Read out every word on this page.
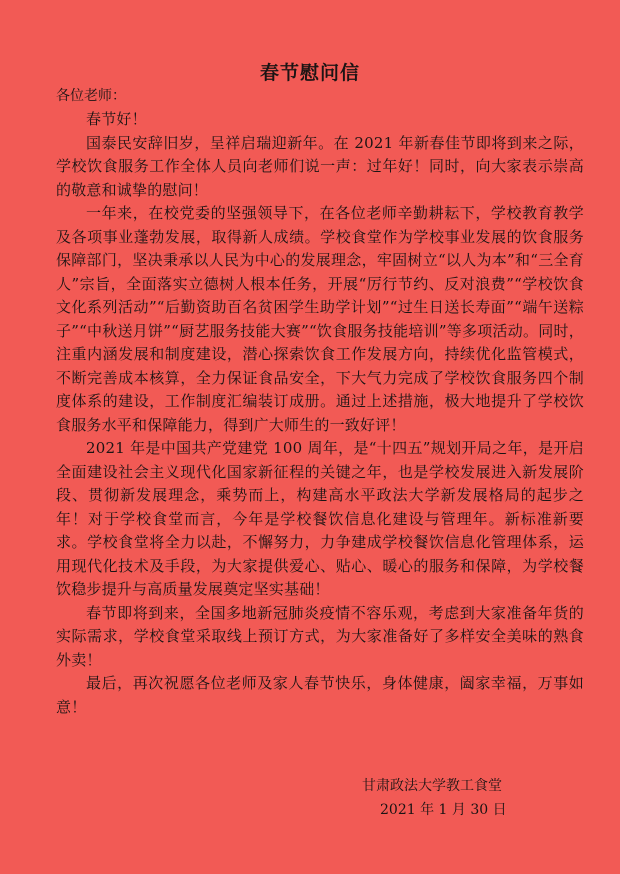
春节慰问信
各位老师：

春节好！

国泰民安辞旧岁，呈祥启瑞迎新年。在 2021 年新春佳节即将到来之际，学校饮食服务工作全体人员向老师们说一声：过年好！同时，向大家表示崇高的敬意和诚挚的慰问！

一年来，在校党委的坚强领导下，在各位老师辛勤耕耘下，学校教育教学及各项事业蓬勃发展，取得新人成绩。学校食堂作为学校事业发展的饮食服务保障部门，坚决秉承以人民为中心的发展理念，牢固树立“以人为本”和“三全育人”宗旨，全面落实立德树人根本任务，开展“厉行节约、反对浪费”“学校饮食文化系列活动”“后勤资助百名贫困学生助学计划”“过生日送长寿面”“端午送粽子”“中秋送月饼”“厨艺服务技能大赛”“饮食服务技能培训”等多项活动。同时，注重内涵发展和制度建设，潜心探索饮食工作发展方向，持续优化监管模式，不断完善成本核算，全力保证食品安全，下大气力完成了学校饮食服务四个制度体系的建设，工作制度汇编装订成册。通过上述措施，极大地提升了学校饮食服务水平和保障能力，得到广大师生的一致好评！

2021 年是中国共产党建党 100 周年，是“十四五”规划开局之年，是开启全面建设社会主义现代化国家新征程的关键之年，也是学校发展进入新发展阶段、贯彻新发展理念，乘势而上，构建高水平政法大学新发展格局的起步之年！对于学校食堂而言，今年是学校餐饮信息化建设与管理年。新标准新要求。学校食堂将全力以赴，不懈努力，力争建成学校餐饮信息化管理体系，运用现代化技术及手段，为大家提供爱心、贴心、暖心的服务和保障，为学校餐饮稳步提升与高质量发展奠定坚实基础！

春节即将到来，全国多地新冠肺炎疫情不容乐观，考虑到大家准备年货的实际需求，学校食堂采取线上预订方式，为大家准备好了多样安全美味的熟食外卖！

最后，再次祝愿各位老师及家人春节快乐，身体健康，阖家幸福，万事如意！

甘肃政法大学教工食堂
2021 年 1 月 30 日
